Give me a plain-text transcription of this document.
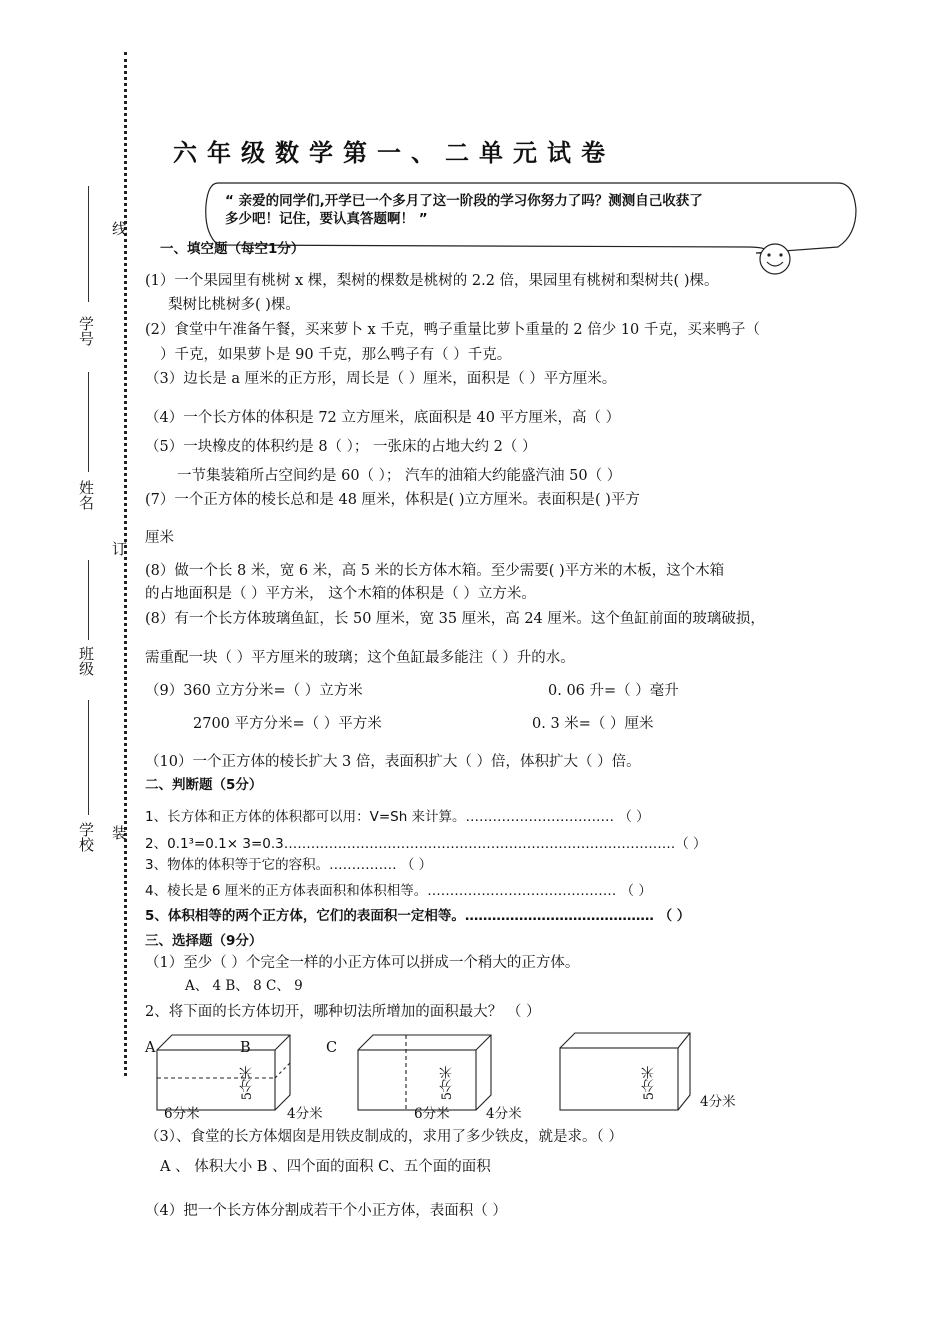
线
订
装
学号
姓名
班级
学校
六年级数学第一、二单元试卷
“ 亲爱的同学们,开学已一个多月了这一阶段的学习你努力了吗？测测自己收获了
多少吧！记住，要认真答题啊！ ”
一、填空题（每空1分）
(1）一个果园里有桃树 x 棵，梨树的棵数是桃树的 2.2 倍，果园里有桃树和梨树共( )棵。
梨树比桃树多( )棵。
(2）食堂中午准备午餐，买来萝卜 x 千克，鸭子重量比萝卜重量的 2 倍少 10 千克，买来鸭子（
）千克，如果萝卜是 90 千克，那么鸭子有（ ）千克。
（3）边长是 a 厘米的正方形，周长是（ ）厘米，面积是（ ）平方厘米。
（4）一个长方体的体积是 72 立方厘米，底面积是 40 平方厘米，高（ ）
（5）一块橡皮的体积约是 8（ ）； 一张床的占地大约 2（ ）
一节集装箱所占空间约是 60（ ）； 汽车的油箱大约能盛汽油 50（ ）
(7）一个正方体的棱长总和是 48 厘米，体积是( )立方厘米。表面积是( )平方
厘米
(8）做一个长 8 米，宽 6 米，高 5 米的长方体木箱。至少需要( )平方米的木板，这个木箱
的占地面积是（ ）平方米， 这个木箱的体积是（ ）立方米。
(8）有一个长方体玻璃鱼缸，长 50 厘米，宽 35 厘米，高 24 厘米。这个鱼缸前面的玻璃破损，
需重配一块（ ）平方厘米的玻璃；这个鱼缸最多能注（ ）升的水。
（9）360 立方分米=（ ）立方米	0. 06 升=（ ）毫升
2700 平方分米=（ ）平方米	0. 3 米=（ ）厘米
（10）一个正方体的棱长扩大 3 倍，表面积扩大（ ）倍，体积扩大（ ）倍。
二、判断题（5分）
1、长方体和正方体的体积都可以用：V=Sh 来计算。…………………………… （ ）
2、0.1³=0.1× 3=0.3……………………………………………………………………………（ ）
3、物体的体积等于它的容积。…………… （ ）
4、棱长是 6 厘米的正方体表面积和体积相等。…………………………………… （ ）
5、体积相等的两个正方体，它们的表面积一定相等。…………………………………… （ ）
三、选择题（9分）
（1）至少（ ）个完全一样的小正方体可以拼成一个稍大的正方体。
A、 4 B、 8 C、 9
2、将下面的长方体切开，哪种切法所增加的面积最大？ （ ）
A	B	C
5分米	5分米	5分米
6分米	4分米	6分米	4分米
4分米
（3）、食堂的长方体烟囱是用铁皮制成的，求用了多少铁皮，就是求。（ ）
A 、 体积大小 B 、四个面的面积 C、五个面的面积
（4）把一个长方体分割成若干个小正方体，表面积（ ）
